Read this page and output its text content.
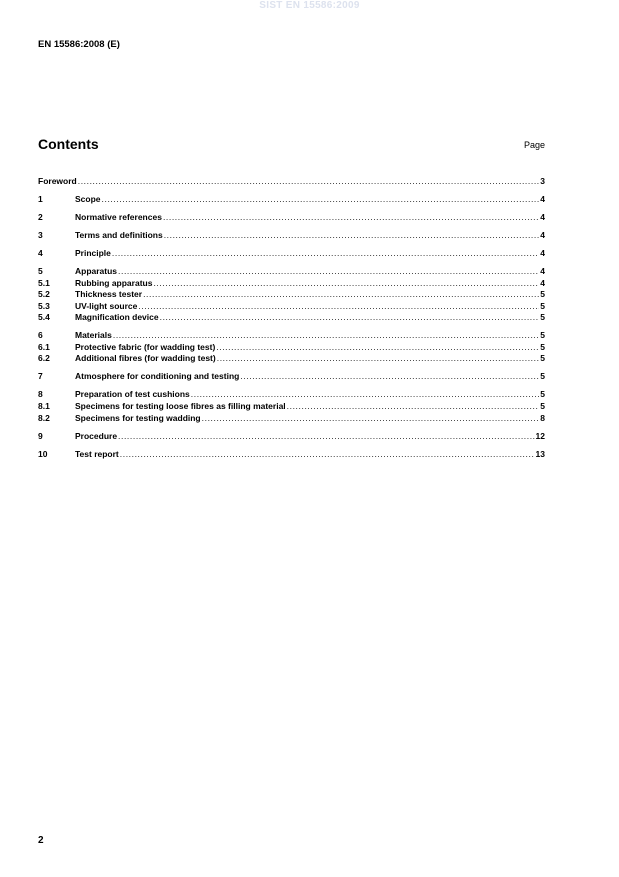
SIST EN 15586:2009
EN 15586:2008 (E)
Contents	Page
Foreword .....	3
1	Scope .....	4
2	Normative references .....	4
3	Terms and definitions .....	4
4	Principle .....	4
5	Apparatus .....	4
5.1	Rubbing apparatus .....	4
5.2	Thickness tester .....	5
5.3	UV-light source .....	5
5.4	Magnification device .....	5
6	Materials .....	5
6.1	Protective fabric (for wadding test) .....	5
6.2	Additional fibres (for wadding test) .....	5
7	Atmosphere for conditioning and testing .....	5
8	Preparation of test cushions .....	5
8.1	Specimens for testing loose fibres as filling material .....	5
8.2	Specimens for testing wadding .....	8
9	Procedure .....	12
10	Test report .....	13
2
